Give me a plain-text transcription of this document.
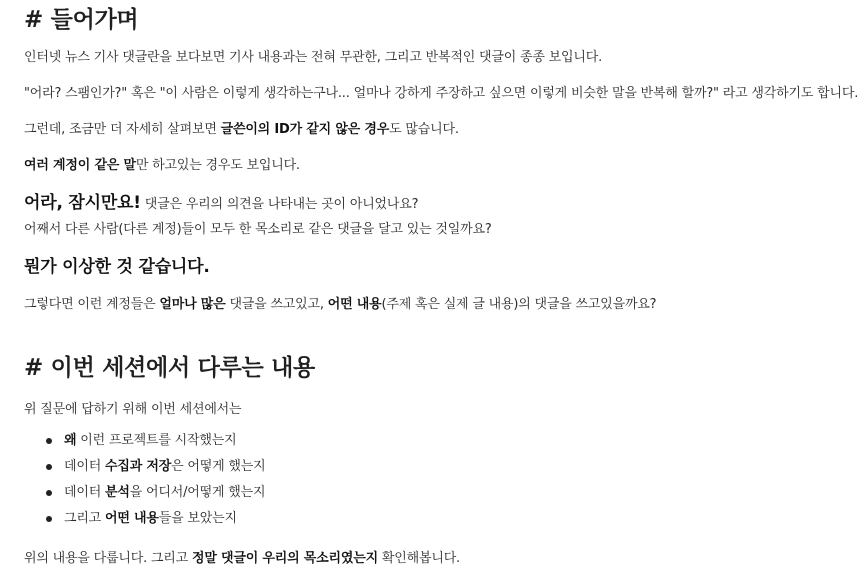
# 들어가며

인터넷 뉴스 기사 댓글란을 보다보면 기사 내용과는 전혀 무관한, 그리고 반복적인 댓글이 종종 보입니다.

"어라? 스팸인가?" 혹은 "이 사람은 이렇게 생각하는구나... 얼마나 강하게 주장하고 싶으면 이렇게 비슷한 말을 반복해 할까?" 라고 생각하기도 합니다.

그런데, 조금만 더 자세히 살펴보면 글쓴이의 ID가 같지 않은 경우도 많습니다.

여러 계정이 같은 말만 하고있는 경우도 보입니다.

어라, 잠시만요! 댓글은 우리의 의견을 나타내는 곳이 아니었나요?

어째서 다른 사람(다른 계정)들이 모두 한 목소리로 같은 댓글을 달고 있는 것일까요?

뭔가 이상한 것 같습니다.

그렇다면 이런 계정들은 얼마나 많은 댓글을 쓰고있고, 어떤 내용(주제 혹은 실제 글 내용)의 댓글을 쓰고있을까요?

# 이번 세션에서 다루는 내용

위 질문에 답하기 위해 이번 세션에서는

왜 이런 프로젝트를 시작했는지
데이터 수집과 저장은 어떻게 했는지
데이터 분석을 어디서/어떻게 했는지
그리고 어떤 내용들을 보았는지

위의 내용을 다룹니다. 그리고 정말 댓글이 우리의 목소리였는지 확인해봅니다.
